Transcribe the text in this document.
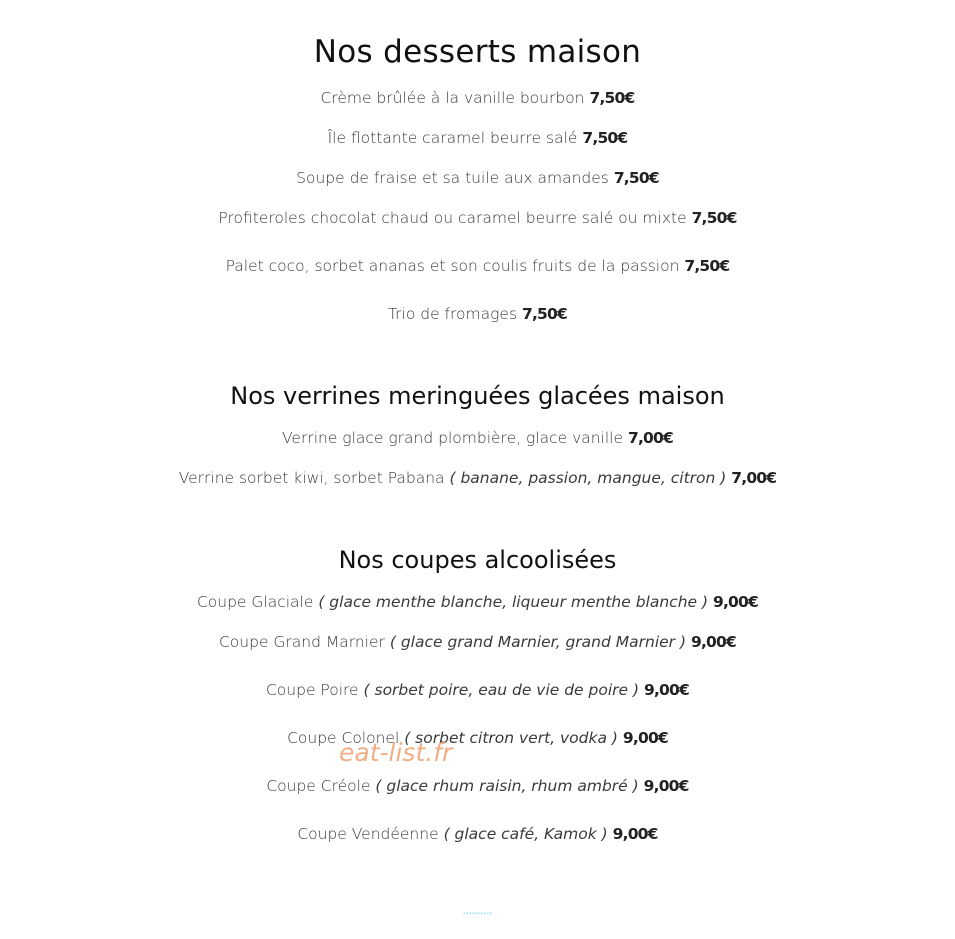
Nos desserts maison
Crème brûlée à la vanille bourbon 7,50€
Île flottante caramel beurre salé 7,50€
Soupe de fraise et sa tuile aux amandes 7,50€
Profiteroles chocolat chaud ou caramel beurre salé ou mixte 7,50€
Palet coco, sorbet ananas et son coulis fruits de la passion 7,50€
Trio de fromages 7,50€
Nos verrines meringuées glacées maison
Verrine glace grand plombière, glace vanille 7,00€
Verrine sorbet kiwi, sorbet Pabana ( banane, passion, mangue, citron ) 7,00€
Nos coupes alcoolisées
Coupe Glaciale ( glace menthe blanche, liqueur menthe blanche ) 9,00€
Coupe Grand Marnier ( glace grand Marnier, grand Marnier ) 9,00€
Coupe Poire ( sorbet poire, eau de vie de poire ) 9,00€
Coupe Colonel ( sorbet citron vert, vodka ) 9,00€
Coupe Créole ( glace rhum raisin, rhum ambré ) 9,00€
Coupe Vendéenne ( glace café, Kamok ) 9,00€
eat-list.fr
••••••••••
